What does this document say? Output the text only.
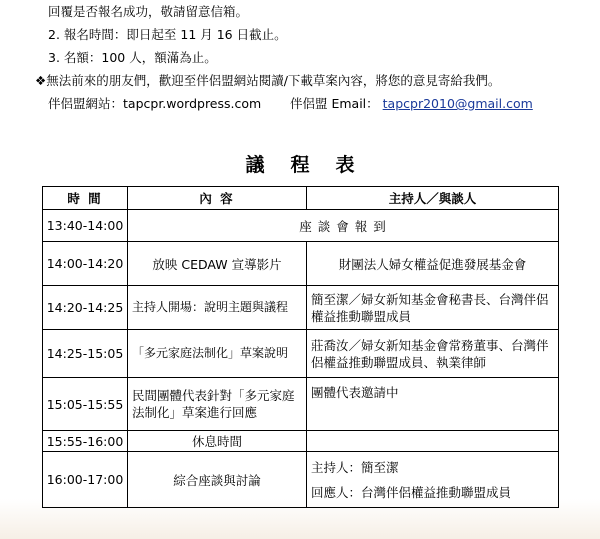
回覆是否報名成功，敬請留意信箱。
2. 報名時間：即日起至 11 月 16 日截止。
3. 名額：100 人，額滿為止。
❖無法前來的朋友們，歡迎至伴侶盟網站閱讀/下載草案內容，將您的意見寄給我們。
伴侶盟網站：tapcpr.wordpress.com 伴侶盟 Email： tapcpr2010@gmail.com
議程表
時 間	內 容	主持人／與談人
13:40-14:00	座 談 會 報 到	
14:00-14:20	放映 CEDAW 宣導影片	財團法人婦女權益促進發展基金會
14:20-14:25	主持人開場：說明主題與議程	簡至潔／婦女新知基金會秘書長、台灣伴侶權益推動聯盟成員
14:25-15:05	「多元家庭法制化」草案說明	莊喬汝／婦女新知基金會常務董事、台灣伴侶權益推動聯盟成員、執業律師
15:05-15:55	民間團體代表針對「多元家庭法制化」草案進行回應	團體代表邀請中
15:55-16:00	休息時間	
16:00-17:00	綜合座談與討論	主持人：簡至潔
回應人：台灣伴侶權益推動聯盟成員
